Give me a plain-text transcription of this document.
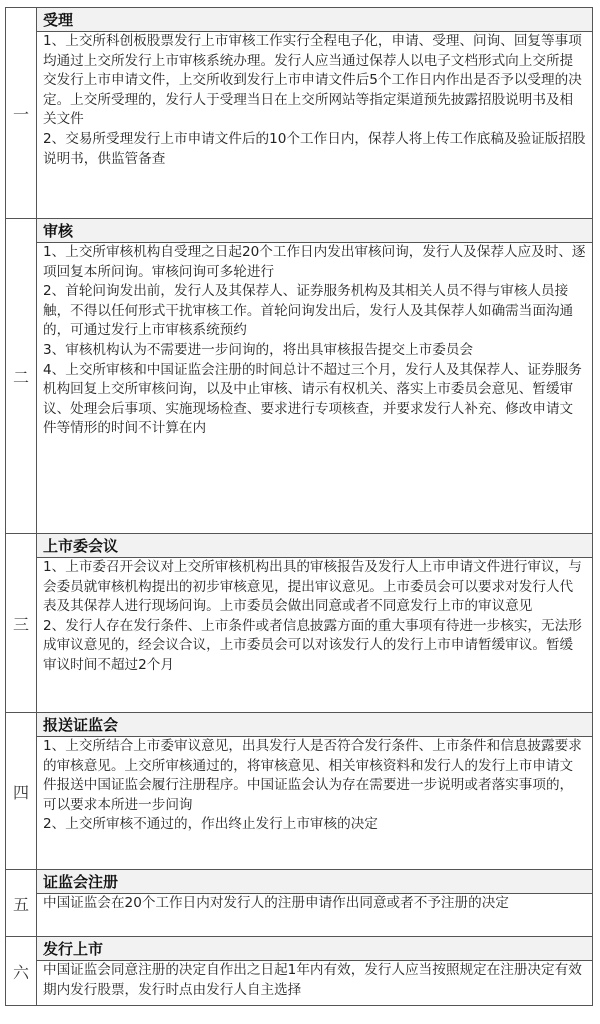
一	受理
1、上交所科创板股票发行上市审核工作实行全程电子化，申请、受理、问询、回复等事项均通过上交所发行上市审核系统办理。发行人应当通过保荐人以电子文档形式向上交所提交发行上市申请文件，上交所收到发行上市申请文件后5个工作日内作出是否予以受理的决定。上交所受理的，发行人于受理当日在上交所网站等指定渠道预先披露招股说明书及相关文件
2、交易所受理发行上市申请文件后的10个工作日内，保荐人将上传工作底稿及验证版招股说明书，供监管备查

二	审核
1、上交所审核机构自受理之日起20个工作日内发出审核问询，发行人及保荐人应及时、逐项回复本所问询。审核问询可多轮进行
2、首轮问询发出前，发行人及其保荐人、证券服务机构及其相关人员不得与审核人员接触，不得以任何形式干扰审核工作。首轮问询发出后，发行人及其保荐人如确需当面沟通的，可通过发行上市审核系统预约
3、审核机构认为不需要进一步问询的，将出具审核报告提交上市委员会
4、上交所审核和中国证监会注册的时间总计不超过三个月，发行人及其保荐人、证券服务机构回复上交所审核问询，以及中止审核、请示有权机关、落实上市委员会意见、暂缓审议、处理会后事项、实施现场检查、要求进行专项核查，并要求发行人补充、修改申请文件等情形的时间不计算在内

三	上市委会议
1、上市委召开会议对上交所审核机构出具的审核报告及发行人上市申请文件进行审议，与会委员就审核机构提出的初步审核意见，提出审议意见。上市委员会可以要求对发行人代表及其保荐人进行现场问询。上市委员会做出同意或者不同意发行上市的审议意见
2、发行人存在发行条件、上市条件或者信息披露方面的重大事项有待进一步核实，无法形成审议意见的，经会议合议，上市委员会可以对该发行人的发行上市申请暂缓审议。暂缓审议时间不超过2个月

四	报送证监会
1、上交所结合上市委审议意见，出具发行人是否符合发行条件、上市条件和信息披露要求的审核意见。上交所审核通过的，将审核意见、相关审核资料和发行人的发行上市申请文件报送中国证监会履行注册程序。中国证监会认为存在需要进一步说明或者落实事项的，可以要求本所进一步问询
2、上交所审核不通过的，作出终止发行上市审核的决定

五	证监会注册
中国证监会在20个工作日内对发行人的注册申请作出同意或者不予注册的决定

六	发行上市
中国证监会同意注册的决定自作出之日起1年内有效，发行人应当按照规定在注册决定有效期内发行股票，发行时点由发行人自主选择
